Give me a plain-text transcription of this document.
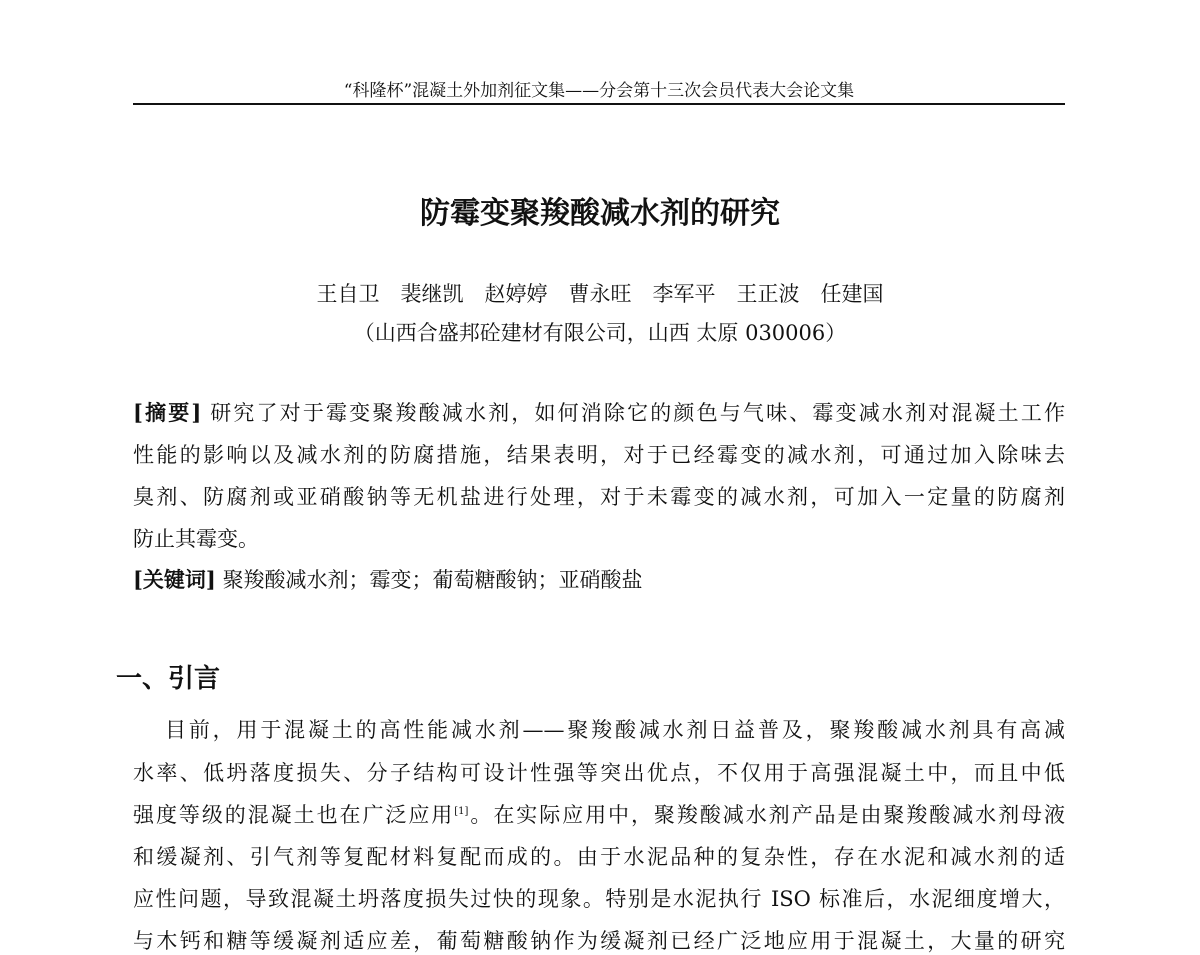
“科隆杯”混凝土外加剂征文集——分会第十三次会员代表大会论文集
防霉变聚羧酸减水剂的研究
王自卫　裴继凯　赵婷婷　曹永旺　李军平　王正波　任建国
（山西合盛邦砼建材有限公司，山西 太原 030006）
[摘要] 研究了对于霉变聚羧酸减水剂，如何消除它的颜色与气味、霉变减水剂对混凝土工作
性能的影响以及减水剂的防腐措施，结果表明，对于已经霉变的减水剂，可通过加入除味去
臭剂、防腐剂或亚硝酸钠等无机盐进行处理，对于未霉变的减水剂，可加入一定量的防腐剂
防止其霉变。
[关键词] 聚羧酸减水剂；霉变；葡萄糖酸钠；亚硝酸盐
一、引言
目前，用于混凝土的高性能减水剂——聚羧酸减水剂日益普及，聚羧酸减水剂具有高减
水率、低坍落度损失、分子结构可设计性强等突出优点，不仅用于高强混凝土中，而且中低
强度等级的混凝土也在广泛应用[1]。在实际应用中，聚羧酸减水剂产品是由聚羧酸减水剂母液
和缓凝剂、引气剂等复配材料复配而成的。由于水泥品种的复杂性，存在水泥和减水剂的适
应性问题，导致混凝土坍落度损失过快的现象。特别是水泥执行 ISO 标准后，水泥细度增大，
与木钙和糖等缓凝剂适应差，葡萄糖酸钠作为缓凝剂已经广泛地应用于混凝土，大量的研究
